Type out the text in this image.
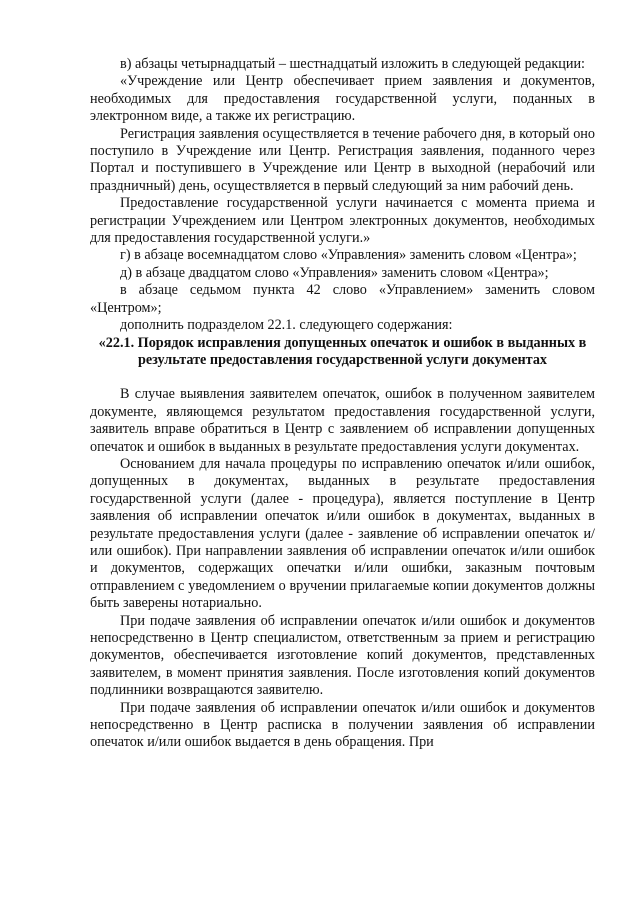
в) абзацы четырнадцатый – шестнадцатый изложить в следующей редакции:

«Учреждение или Центр обеспечивает прием заявления и документов, необходимых для предоставления государственной услуги, поданных в электронном виде, а также их регистрацию.

Регистрация заявления осуществляется в течение рабочего дня, в который оно поступило в Учреждение или Центр. Регистрация заявления, поданного через Портал и поступившего в Учреждение или Центр в выходной (нерабочий или праздничный) день, осуществляется в первый следующий за ним рабочий день.

Предоставление государственной услуги начинается с момента приема и регистрации Учреждением или Центром электронных документов, необходимых для предоставления государственной услуги.»

г) в абзаце восемнадцатом слово «Управления» заменить словом «Центра»;

д) в абзаце двадцатом слово «Управления» заменить словом «Центра»;

в абзаце седьмом пункта 42 слово «Управлением» заменить словом «Центром»;

дополнить подразделом 22.1. следующего содержания:

«22.1. Порядок исправления допущенных опечаток и ошибок в выданных в результате предоставления государственной услуги документах

В случае выявления заявителем опечаток, ошибок в полученном заявителем документе, являющемся результатом предоставления государственной услуги, заявитель вправе обратиться в Центр с заявлением об исправлении допущенных опечаток и ошибок в выданных в результате предоставления услуги документах.

Основанием для начала процедуры по исправлению опечаток и/или ошибок, допущенных в документах, выданных в результате предоставления государственной услуги (далее - процедура), является поступление в Центр заявления об исправлении опечаток и/или ошибок в документах, выданных в результате предоставления услуги (далее - заявление об исправлении опечаток и/или ошибок). При направлении заявления об исправлении опечаток и/или ошибок и документов, содержащих опечатки и/или ошибки, заказным почтовым отправлением с уведомлением о вручении прилагаемые копии документов должны быть заверены нотариально.

При подаче заявления об исправлении опечаток и/или ошибок и документов непосредственно в Центр специалистом, ответственным за прием и регистрацию документов, обеспечивается изготовление копий документов, представленных заявителем, в момент принятия заявления. После изготовления копий документов подлинники возвращаются заявителю.

При подаче заявления об исправлении опечаток и/или ошибок и документов непосредственно в Центр расписка в получении заявления об исправлении опечаток и/или ошибок выдается в день обращения. При
